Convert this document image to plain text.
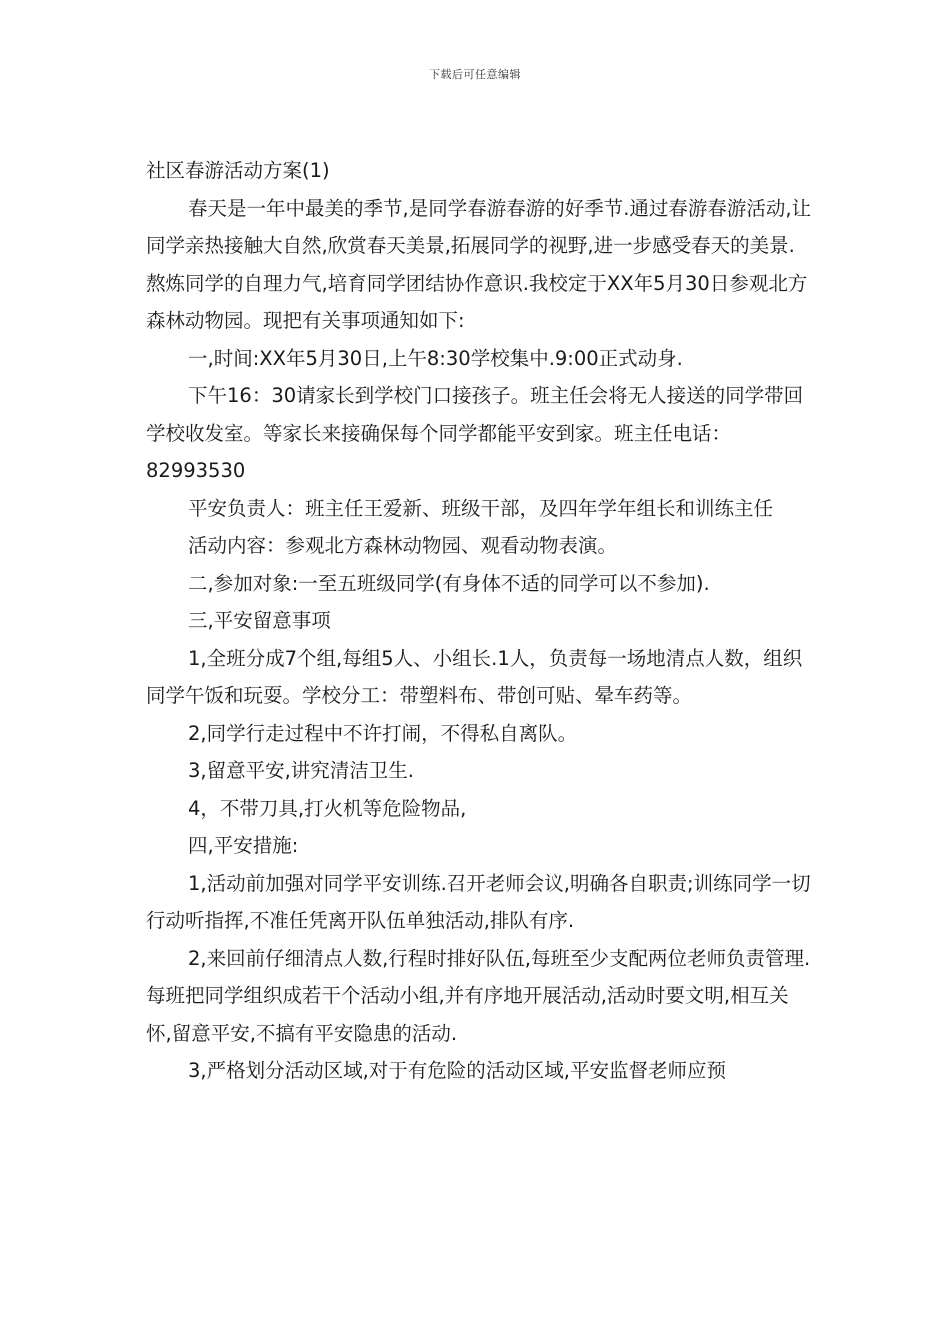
下载后可任意编辑

社区春游活动方案(1)

春天是一年中最美的季节,是同学春游春游的好季节.通过春游春游活动,让同学亲热接触大自然,欣赏春天美景,拓展同学的视野,进一步感受春天的美景.熬炼同学的自理力气,培育同学团结协作意识.我校定于XX年5月30日参观北方森林动物园。现把有关事项通知如下:

一,时间:XX年5月30日,上午8:30学校集中.9:00正式动身.

下午16：30请家长到学校门口接孩子。班主任会将无人接送的同学带回学校收发室。等家长来接确保每个同学都能平安到家。班主任电话：82993530

平安负责人：班主任王爱新、班级干部，及四年学年组长和训练主任

活动内容：参观北方森林动物园、观看动物表演。

二,参加对象:一至五班级同学(有身体不适的同学可以不参加).

三,平安留意事项

1,全班分成7个组,每组5人、小组长.1人，负责每一场地清点人数，组织同学午饭和玩耍。学校分工：带塑料布、带创可贴、晕车药等。

2,同学行走过程中不许打闹，不得私自离队。

3,留意平安,讲究清洁卫生.

4，不带刀具,打火机等危险物品,

四,平安措施:

1,活动前加强对同学平安训练.召开老师会议,明确各自职责;训练同学一切行动听指挥,不准任凭离开队伍单独活动,排队有序.

2,来回前仔细清点人数,行程时排好队伍,每班至少支配两位老师负责管理.每班把同学组织成若干个活动小组,并有序地开展活动,活动时要文明,相互关怀,留意平安,不搞有平安隐患的活动.

3,严格划分活动区域,对于有危险的活动区域,平安监督老师应预
